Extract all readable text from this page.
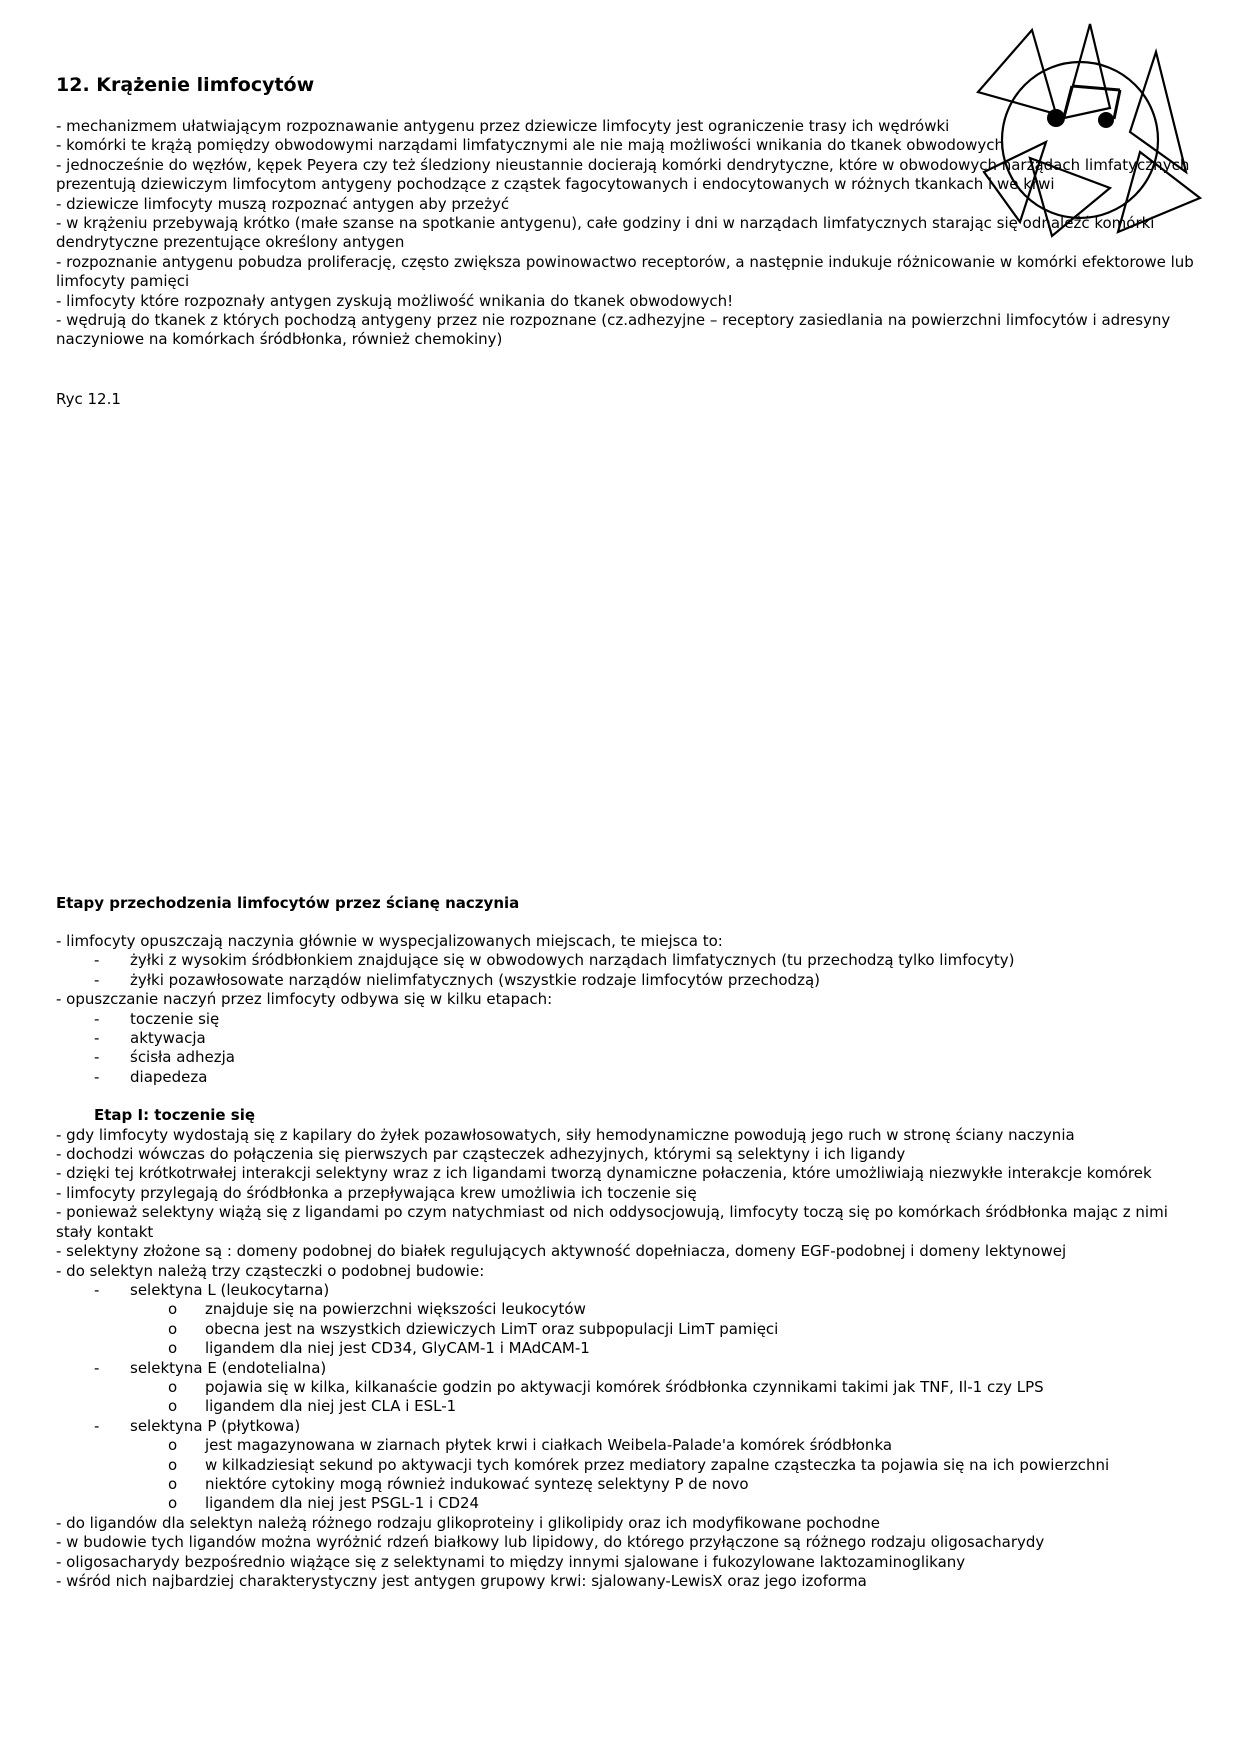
12. Krążenie limfocytów

- mechanizmem ułatwiającym rozpoznawanie antygenu przez dziewicze limfocyty jest ograniczenie trasy ich wędrówki

- komórki te krążą pomiędzy obwodowymi narządami limfatycznymi ale nie mają możliwości wnikania do tkanek obwodowych

- jednocześnie do węzłów, kępek Peyera czy też śledziony nieustannie docierają komórki dendrytyczne, które w obwodowych narządach limfatycznych prezentują dziewiczym limfocytom antygeny pochodzące z cząstek fagocytowanych i endocytowanych w różnych tkankach i we krwi

- dziewicze limfocyty muszą rozpoznać antygen aby przeżyć

- w krążeniu przebywają krótko (małe szanse na spotkanie antygenu), całe godziny i dni w narządach limfatycznych starając się odnaleźć komórki dendrytyczne prezentujące określony antygen

- rozpoznanie antygenu pobudza proliferację, często zwiększa powinowactwo receptorów, a następnie indukuje różnicowanie w komórki efektorowe lub limfocyty pamięci

- limfocyty które rozpoznały antygen zyskują możliwość wnikania do tkanek obwodowych!

- wędrują do tkanek z których pochodzą antygeny przez nie rozpoznane (cz.adhezyjne – receptory zasiedlania na powierzchni limfocytów i adresyny naczyniowe na komórkach śródbłonka, również chemokiny)

Ryc 12.1
Etapy przechodzenia limfocytów przez ścianę naczynia

- limfocyty opuszczają naczynia głównie w wyspecjalizowanych miejscach, te miejsca to:

- żyłki z wysokim śródbłonkiem znajdujące się w obwodowych narządach limfatycznych (tu przechodzą tylko limfocyty)

- żyłki pozawłosowate narządów nielimfatycznych (wszystkie rodzaje limfocytów przechodzą)

- opuszczanie naczyń przez limfocyty odbywa się w kilku etapach:

- toczenie się

- aktywacja

- ścisła adhezja

- diapedeza

Etap I: toczenie się

- gdy limfocyty wydostają się z kapilary do żyłek pozawłosowatych, siły hemodynamiczne powodują jego ruch w stronę ściany naczynia

- dochodzi wówczas do połączenia się pierwszych par cząsteczek adhezyjnych, którymi są selektyny i ich ligandy

- dzięki tej krótkotrwałej interakcji selektyny wraz z ich ligandami tworzą dynamiczne połaczenia, które umożliwiają niezwykłe interakcje komórek

- limfocyty przylegają do śródbłonka a przepływająca krew umożliwia ich toczenie się

- ponieważ selektyny wiążą się z ligandami po czym natychmiast od nich oddysocjowują, limfocyty toczą się po komórkach śródbłonka mając z nimi stały kontakt

- selektyny złożone są : domeny podobnej do białek regulujących aktywność dopełniacza, domeny EGF-podobnej i domeny lektynowej

- do selektyn należą trzy cząsteczki o podobnej budowie:

- selektyna L (leukocytarna)

o znajduje się na powierzchni większości leukocytów

o obecna jest na wszystkich dziewiczych LimT oraz subpopulacji LimT pamięci

o ligandem dla niej jest CD34, GlyCAM-1 i MAdCAM-1

- selektyna E (endotelialna)

o pojawia się w kilka, kilkanaście godzin po aktywacji komórek śródbłonka czynnikami takimi jak TNF, Il-1 czy LPS

o ligandem dla niej jest CLA i ESL-1

- selektyna P (płytkowa)

o jest magazynowana w ziarnach płytek krwi i ciałkach Weibela-Palade'a komórek śródbłonka

o w kilkadziesiąt sekund po aktywacji tych komórek przez mediatory zapalne cząsteczka ta pojawia się na ich powierzchni

o niektóre cytokiny mogą również indukować syntezę selektyny P de novo

o ligandem dla niej jest PSGL-1 i CD24

- do ligandów dla selektyn należą różnego rodzaju glikoproteiny i glikolipidy oraz ich modyfikowane pochodne

- w budowie tych ligandów można wyróżnić rdzeń białkowy lub lipidowy, do którego przyłączone są różnego rodzaju oligosacharydy

- oligosacharydy bezpośrednio wiążące się z selektynami to między innymi sjalowane i fukozylowane laktozaminoglikany

- wśród nich najbardziej charakterystyczny jest antygen grupowy krwi: sjalowany-LewisX oraz jego izoforma
